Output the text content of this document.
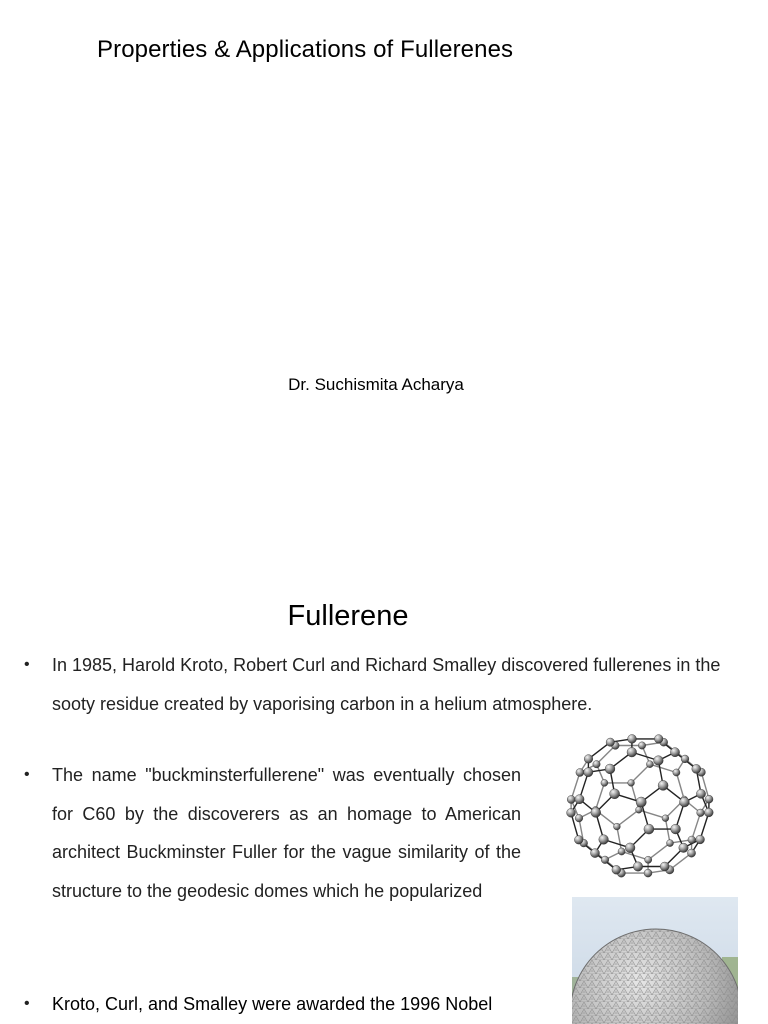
Properties & Applications of Fullerenes
Dr. Suchismita Acharya
Fullerene
• In 1985, Harold Kroto, Robert Curl and Richard Smalley discovered fullerenes in the sooty residue created by vaporising carbon in a helium atmosphere.
• The name "buckminsterfullerene" was eventually chosen for C60 by the discoverers as an homage to American architect Buckminster Fuller for the vague similarity of the structure to the geodesic domes which he popularized
• Kroto, Curl, and Smalley were awarded the 1996 Nobel
